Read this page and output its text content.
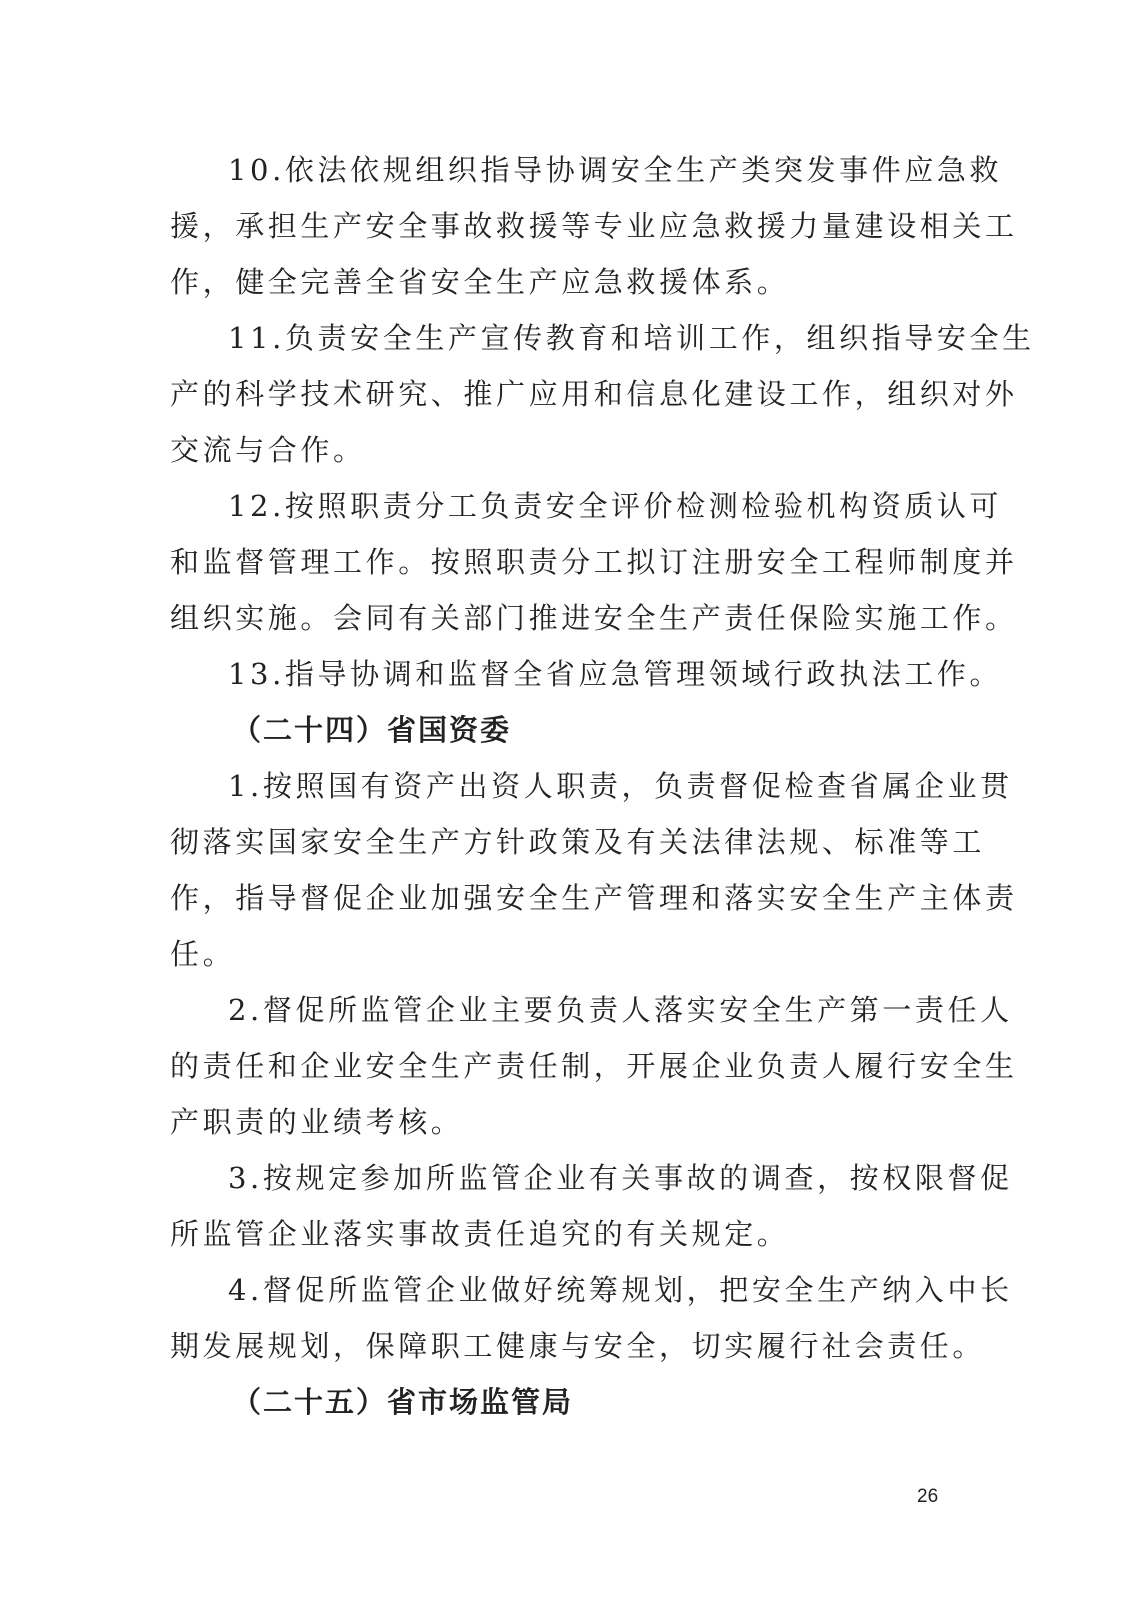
10.依法依规组织指导协调安全生产类突发事件应急救
援，承担生产安全事故救援等专业应急救援力量建设相关工
作，健全完善全省安全生产应急救援体系。
11.负责安全生产宣传教育和培训工作，组织指导安全生
产的科学技术研究、推广应用和信息化建设工作，组织对外
交流与合作。
12.按照职责分工负责安全评价检测检验机构资质认可
和监督管理工作。按照职责分工拟订注册安全工程师制度并
组织实施。会同有关部门推进安全生产责任保险实施工作。
13.指导协调和监督全省应急管理领域行政执法工作。
（二十四）省国资委
1.按照国有资产出资人职责，负责督促检查省属企业贯
彻落实国家安全生产方针政策及有关法律法规、标准等工
作，指导督促企业加强安全生产管理和落实安全生产主体责
任。
2.督促所监管企业主要负责人落实安全生产第一责任人
的责任和企业安全生产责任制，开展企业负责人履行安全生
产职责的业绩考核。
3.按规定参加所监管企业有关事故的调查，按权限督促
所监管企业落实事故责任追究的有关规定。
4.督促所监管企业做好统筹规划，把安全生产纳入中长
期发展规划，保障职工健康与安全，切实履行社会责任。
（二十五）省市场监管局
26
